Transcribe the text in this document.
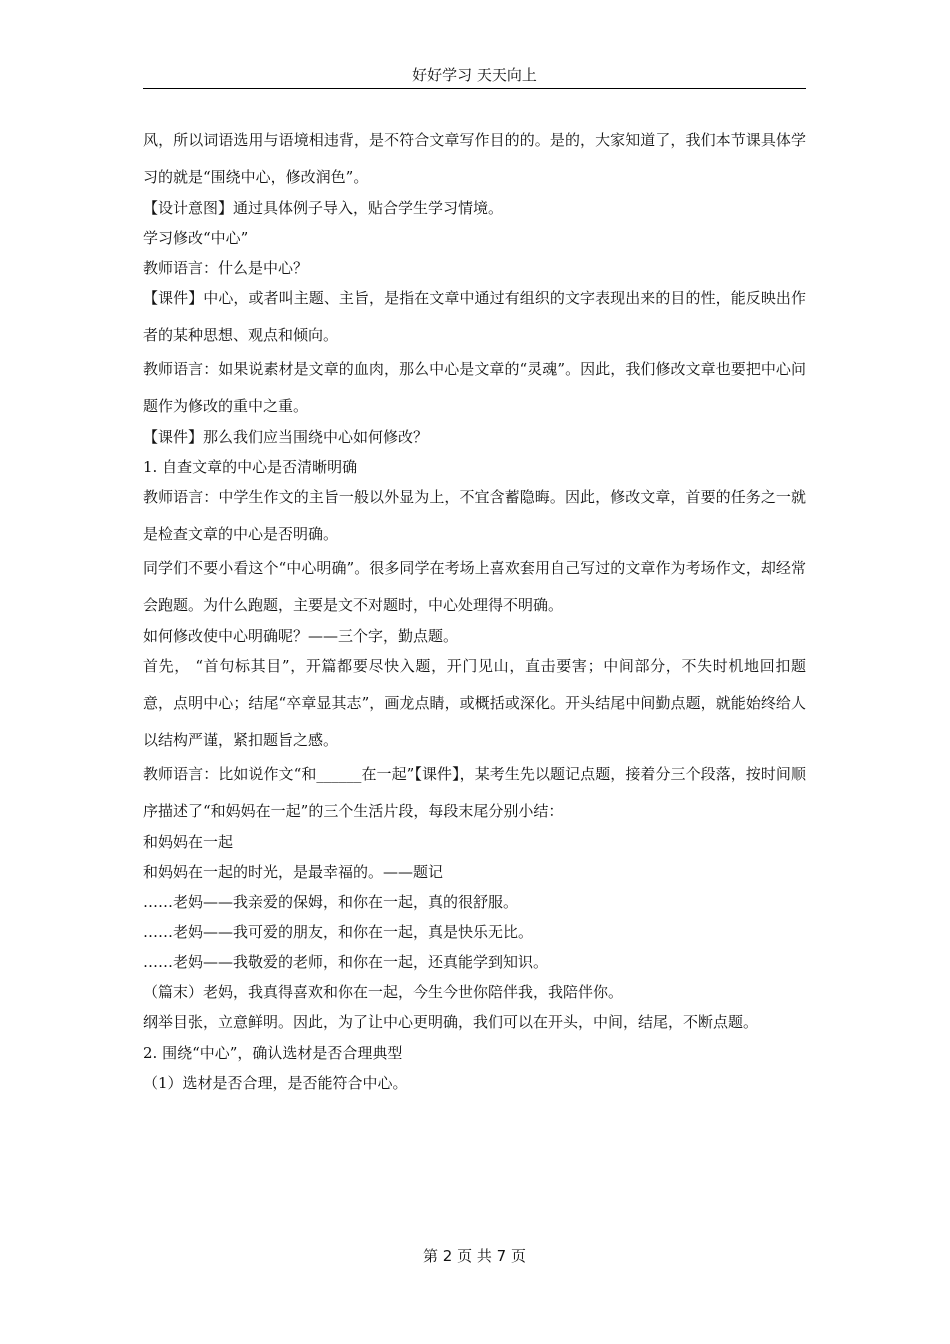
好好学习 天天向上

风，所以词语选用与语境相违背，是不符合文章写作目的的。是的，大家知道了，我们本节课具体学习的就是“围绕中心，修改润色”。

【设计意图】通过具体例子导入，贴合学生学习情境。

学习修改“中心”

教师语言：什么是中心？

【课件】中心，或者叫主题、主旨，是指在文章中通过有组织的文字表现出来的目的性，能反映出作者的某种思想、观点和倾向。

教师语言：如果说素材是文章的血肉，那么中心是文章的“灵魂”。因此，我们修改文章也要把中心问题作为修改的重中之重。

【课件】那么我们应当围绕中心如何修改？

1. 自查文章的中心是否清晰明确

教师语言：中学生作文的主旨一般以外显为上，不宜含蓄隐晦。因此，修改文章，首要的任务之一就是检查文章的中心是否明确。

同学们不要小看这个“中心明确”。很多同学在考场上喜欢套用自己写过的文章作为考场作文，却经常会跑题。为什么跑题，主要是文不对题时，中心处理得不明确。

如何修改使中心明确呢？——三个字，勤点题。

首先， “首句标其目”，开篇都要尽快入题，开门见山，直击要害；中间部分，不失时机地回扣题意，点明中心；结尾“卒章显其志”，画龙点睛，或概括或深化。开头结尾中间勤点题，就能始终给人以结构严谨，紧扣题旨之感。

教师语言：比如说作文“和______在一起”【课件】，某考生先以题记点题，接着分三个段落，按时间顺序描述了“和妈妈在一起”的三个生活片段，每段末尾分别小结：

和妈妈在一起

和妈妈在一起的时光，是最幸福的。——题记

……老妈——我亲爱的保姆，和你在一起，真的很舒服。

……老妈——我可爱的朋友，和你在一起，真是快乐无比。

……老妈——我敬爱的老师，和你在一起，还真能学到知识。

（篇末）老妈，我真得喜欢和你在一起，今生今世你陪伴我，我陪伴你。

纲举目张，立意鲜明。因此，为了让中心更明确，我们可以在开头，中间，结尾，不断点题。

2. 围绕“中心”，确认选材是否合理典型

（1）选材是否合理，是否能符合中心。

第 2 页 共 7 页
